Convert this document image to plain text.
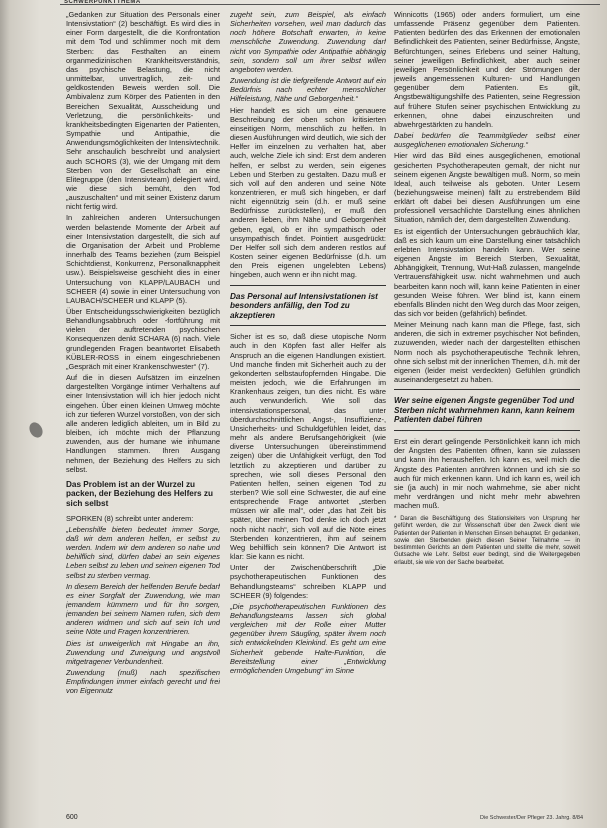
SCHWERPUNKTTHEMA

„Gedanken zur Situation des Personals einer Intensivstation“ (2) beschäftigt. Es wird dies in einer Form dargestellt, die die Konfrontation mit dem Tod und schlimmer noch mit dem Sterben: das Festhalten an einem organmedizinischen Krankheitsverständnis, das psychische Belastung, die nicht unmittelbar, unvertraglich, zeit- und geldkostenden Beweis werden soll. Die Ambivalenz zum Körper des Patienten in den Bereichen Sexualität, Ausscheidung und Verletzung, die persönlichkeits- und krankheitsbedingten Eigenarten der Patienten, Sympathie und Antipathie, die Anwendungsmöglichkeiten der Intensivtechnik. Sehr anschaulich beschreibt und analysiert auch SCHORS (3), wie der Umgang mit dem Sterben von der Gesellschaft an eine Elitegruppe (den Intensivteam) delegiert wird, wie diese sich bemüht, den Tod „auszuschalten“ und mit seiner Existenz darum nicht fertig wird.

In zahlreichen anderen Untersuchungen werden belastende Momente der Arbeit auf einer Intensivstation dargestellt, die sich auf die Organisation der Arbeit und Probleme innerhalb des Teams beziehen (zum Beispiel Schichtdienst, Konkurrenz, Personalknappheit usw.). Beispielsweise geschieht dies in einer Untersuchung von KLAPP/LAUBACH und SCHEER (4) sowie in einer Untersuchung von LAUBACH/SCHEER und KLAPP (5).

Über Entscheidungsschwierigkeiten bezüglich Behandlungsabbruch oder -fortführung mit vielen der auftretenden psychischen Konsequenzen denkt SCHARA (6) nach. Viele grundlegenden Fragen beantwortet Elisabeth KÜBLER-ROSS in einem eingeschriebenen „Gespräch mit einer Krankenschwester“ (7).

Auf die in diesen Aufsätzen im einzelnen dargestellten Vorgänge intimer Verhaltens auf einer Intensivstation will ich hier jedoch nicht eingehen. Über einen kleinen Umweg möchte ich zur tieferen Wurzel vorstoßen, von der sich alle anderen lediglich ableiten, um in Bild zu bleiben, ich möchte mich der Pflanzung zuwenden, aus der humane wie inhumane Handlungen stammen. Ihren Ausgang nehmen, der Beziehung des Helfers zu sich selbst.

Das Problem ist an der Wurzel zu packen, der Beziehung des Helfers zu sich selbst

SPORKEN (8) schreibt unter anderem:

„Lebenshilfe bieten bedeutet immer Sorge, daß wir dem anderen helfen, er selbst zu werden. Indem wir dem anderen so nahe und behilflich sind, dürfen dabei an sein eigenes Leben selbst zu leben und seinen eigenen Tod selbst zu sterben vermag.

In diesem Bereich der helfenden Berufe bedarf es einer Sorgfalt der Zuwendung, wie man jemandem kümmern und für ihn sorgen, jemanden bei seinem Namen rufen, sich dem anderen widmen und sich auf sein Ich und seine Nöte und Fragen konzentrieren.

Dies ist unweigerlich mit Hingabe an ihn, Zuwendung und Zuneigung und angstvoll mitgetragener Verbundenheit.

Zuwendung (muß) nach spezifischen Empfindungen immer einfach gerecht und frei von Eigennutz

zugeht sein, zum Beispiel, als einfach Sicherheiten vorsehen, weil man dadurch das noch höhere Botschaft erwarten, in keine menschliche Zuwendung. Zuwendung darf nicht von Sympathie oder Antipathie abhängig sein, sondern soll um ihrer selbst willen angeboten werden.

Zuwendung ist die tiefgreifende Antwort auf ein Bedürfnis nach echter menschlicher Hilfeleistung, Nähe und Geborgenheit.“

Hier handelt es sich um eine genauere Beschreibung der oben schon kritisierten einseitigen Norm, menschlich zu helfen. In diesen Ausführungen wird deutlich, wie sich der Helfer im einzelnen zu verhalten hat, aber auch, welche Ziele ich sind: Erst dem anderen helfen, er selbst zu werden, sein eigenes Leben und Sterben zu gestalten. Dazu muß er sich voll auf den anderen und seine Nöte konzentrieren, er muß sich hingeben, er darf nicht eigennützig sein (d.h. er muß seine Bedürfnisse zurückstellen), er muß den anderen lieben, ihm Nähe und Geborgenheit geben, egal, ob er ihn sympathisch oder unsympathisch findet. Pointiert ausgedrückt: Der Helfer soll sich dem anderen restlos auf Kosten seiner eigenen Bedürfnisse (d.h. um den Preis eigenen ungelebten Lebens) hingeben, auch wenn er ihn nicht mag.

Das Personal auf Intensivstationen ist besonders anfällig, den Tod zu akzeptieren

Sicher ist es so, daß diese utopische Norm auch in den Köpfen fast aller Helfer als Anspruch an die eigenen Handlungen existiert. Und manche finden mit Sicherheit auch zu der gekonderten selbstaufopfernden Hingabe. Die meisten jedoch, wie die Erfahrungen im Krankenhaus zeigen, tun dies nicht. Es wäre auch verwunderlich. Wie soll das intensivstationspersonal, das unter überdurchschnittlichen Angst-, Insuffizienz-, Unsicherheits- und Schuldgefühlen leidet, das mehr als andere Berufsangehörigkeit (wie diverse Untersuchungen übereinstimmend zeigen) über die Unfähigkeit verfügt, den Tod letztlich zu akzeptieren und darüber zu sprechen, wie soll dieses Personal den Patienten helfen, seinen eigenen Tod zu sterben? Wie soll eine Schwester, die auf eine entsprechende Frage antwortet „sterben müssen wir alle mal“, oder „das hat Zeit bis später, über meinen Tod denke ich doch jetzt noch nicht nach“, sich voll auf die Nöte eines Sterbenden konzentrieren, ihm auf seinem Weg behilflich sein können? Die Antwort ist klar: Sie kann es nicht.

Unter der Zwischenüberschrift „Die psychotherapeutischen Funktionen des Behandlungsteams“ schreiben KLAPP und SCHEER (9) folgendes:

„Die psychotherapeutischen Funktionen des Behandlungsteams lassen sich global vergleichen mit der Rolle einer Mutter gegenüber ihrem Säugling, später ihrem noch sich entwickelnden Kleinkind. Es geht um eine Sicherheit gebende Halte-Funktion, die Bereitstellung einer „Entwicklung ermöglichenden Umgebung“ im Sinne

Winnicotts (1965) oder anders formuliert, um eine umfassende Präsenz gegenüber dem Patienten. Patienten bedürfen des das Erkennen der emotionalen Befindlichkeit des Patienten, seiner Bedürfnisse, Ängste, Befürchtungen, seines Erlebens und seiner Haltung, seiner jeweiligen Befindlichkeit, aber auch seiner jeweiligen Persönlichkeit und der Strömungen der jeweils angemessenen Kulturen- und Handlungen gegenüber dem Patienten. Es gilt, Angstbewältigungshilfe des Patienten, seine Regression auf frühere Stufen seiner psychischen Entwicklung zu erkennen, ohne dabei einzuschreiten und abwehrgestärkten zu handeln.

Dabei bedürfen die Teammitglieder selbst einer ausgeglichenen emotionalen Sicherung.“

Hier wird das Bild eines ausgeglichenen, emotional gesicherten Psychotherapeuten gemalt, der nicht nur seinem eigenen Ängste bewältigen muß. Norm, so mein Ideal, auch teilweise als geboten. Unter Lesern (beziehungsweise meinen) fällt zu erstrebendem Bild erklärt oft dabei bei diesen Ausführungen um eine professionell versachlichte Darstellung eines ähnlichen Situation, nämlich der, dem dargestellten Zuwendung.

Es ist eigentlich der Untersuchungen gebräuchlich klar, daß es sich kaum um eine Darstellung einer tatsächlich erlebten Intensivstation handeln kann. Wer seine eigenen Ängste im Bereich Sterben, Sexualität, Abhängigkeit, Trennung, Wut-Haß zulassen, mangelnde Vertrauensfähigkeit usw. nicht wahrnehmen und auch bearbeiten kann noch will, kann keine Patienten in einer gesunden Weise führen. Wer blind ist, kann einem ebenfalls Blinden nicht den Weg durch das Moor zeigen, das sich vor beiden (gefährlich) befindet.

Meiner Meinung nach kann man die Pflege, fast, sich anderen, die sich in extremer psychischer Not befinden, zuzuwenden, wieder nach der dargestellten ethischen Norm noch als psychotherapeutische Technik lehren, ohne sich selbst mit der innerlichen Themen, d.h. mit der eigenen (leider meist verdeckten) Gefühlen gründlich auseinandergesetzt zu haben.

Wer seine eigenen Ängste gegenüber Tod und Sterben nicht wahrnehmen kann, kann keinem Patienten dabei führen

Erst ein derart gelingende Persönlichkeit kann ich mich der Ängsten des Patienten öffnen, kann sie zulassen und kann ihn heraushelfen. Ich kann es, weil mich die Ängste des Patienten anrühren können und ich sie so auch für mich erkennen kann. Und ich kann es, weil ich sie (ja auch) in mir noch wahrnehme, sie aber nicht mehr verdrängen und nicht mehr mehr abwehren machen muß.

* Daran die Beschäftigung des Stationsleiters von Ursprung her geführt werden, die zur Wissenschaft über den Zweck dient wie Patienten der Patienten in Menschen Einsen behauptet. Er gedanken, sowie den Sterbenden gleich diesen Seiner Teilnahme — in bestimmten Gerichts an dem Patienten und stellte die mehr, soweit Gutsache wie Lehr. Selbst euer bedingt, sind die Weitergegeben erlaubt, sie wie von der Sache bearbeitet.
600	Die Schwester/Der Pfleger 23. Jahrg. 8/84
